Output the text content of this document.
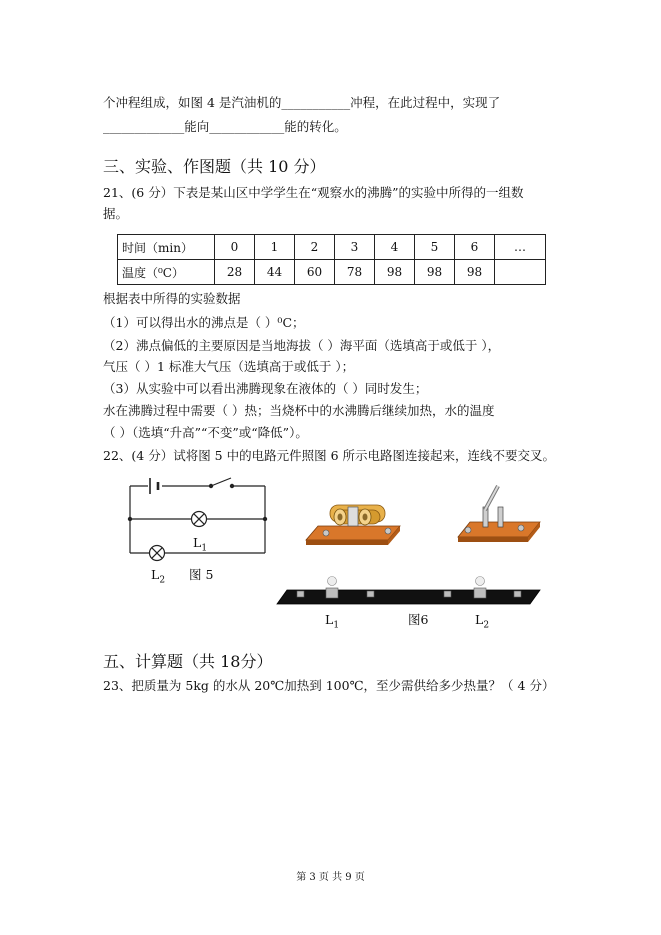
个冲程组成，如图 4 是汽油机的___________冲程，在此过程中，实现了
_____________能向____________能的转化。
三、实验、作图题（共 10 分）
21、(6 分）下表是某山区中学学生在“观察水的沸腾”的实验中所得的一组数
据。
时间（min）	0	1	2	3	4	5	6	…
温度（⁰C）	28	44	60	78	98	98	98	
根据表中所得的实验数据
（1）可以得出水的沸点是（ ）⁰C；
（2）沸点偏低的主要原因是当地海拔（ ）海平面（选填高于或低于 ），
气压（ ）1 标准大气压（选填高于或低于 ）；
（3）从实验中可以看出沸腾现象在液体的（ ）同时发生；
水在沸腾过程中需要（ ）热；当烧杯中的水沸腾后继续加热，水的温度
（ ）（选填“升高”“不变”或“降低”）。
22、(4 分）试将图 5 中的电路元件照图 6 所示电路图连接起来，连线不要交叉。
$L_1$
$L_2$ 图 5
$L_1$	图6	$L_2$
五、计算题（共 18分）
23、把质量为 5kg 的水从 20℃加热到 100℃，至少需供给多少热量？（ 4 分）
第 3 页 共 9 页
